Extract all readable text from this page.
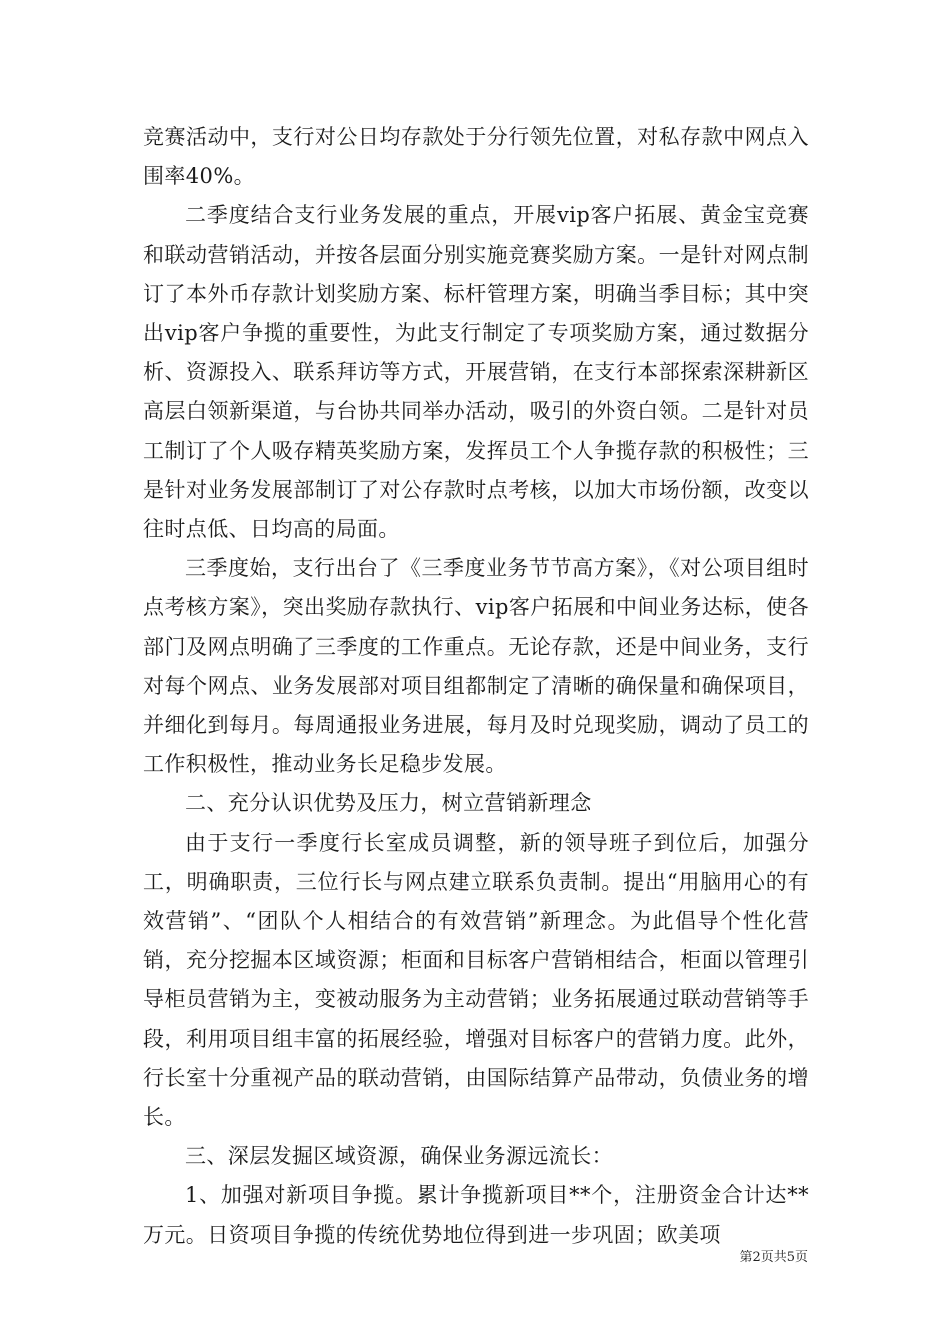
竞赛活动中，支行对公日均存款处于分行领先位置，对私存款中网点入围率40%。

二季度结合支行业务发展的重点，开展vip客户拓展、黄金宝竞赛和联动营销活动，并按各层面分别实施竞赛奖励方案。一是针对网点制订了本外币存款计划奖励方案、标杆管理方案，明确当季目标；其中突出vip客户争揽的重要性，为此支行制定了专项奖励方案，通过数据分析、资源投入、联系拜访等方式，开展营销，在支行本部探索深耕新区高层白领新渠道，与台协共同举办活动，吸引的外资白领。二是针对员工制订了个人吸存精英奖励方案，发挥员工个人争揽存款的积极性；三是针对业务发展部制订了对公存款时点考核，以加大市场份额，改变以往时点低、日均高的局面。

三季度始，支行出台了《三季度业务节节高方案》，《对公项目组时点考核方案》，突出奖励存款执行、vip客户拓展和中间业务达标，使各部门及网点明确了三季度的工作重点。无论存款，还是中间业务，支行对每个网点、业务发展部对项目组都制定了清晰的确保量和确保项目，并细化到每月。每周通报业务进展，每月及时兑现奖励，调动了员工的工作积极性，推动业务长足稳步发展。

二、充分认识优势及压力，树立营销新理念

由于支行一季度行长室成员调整，新的领导班子到位后，加强分工，明确职责，三位行长与网点建立联系负责制。提出“用脑用心的有效营销”、“团队个人相结合的有效营销”新理念。为此倡导个性化营销，充分挖掘本区域资源；柜面和目标客户营销相结合，柜面以管理引导柜员营销为主，变被动服务为主动营销；业务拓展通过联动营销等手段，利用项目组丰富的拓展经验，增强对目标客户的营销力度。此外，行长室十分重视产品的联动营销，由国际结算产品带动，负债业务的增长。

三、深层发掘区域资源，确保业务源远流长：

1、加强对新项目争揽。累计争揽新项目**个，注册资金合计达**万元。日资项目争揽的传统优势地位得到进一步巩固；欧美项

第2页共5页
